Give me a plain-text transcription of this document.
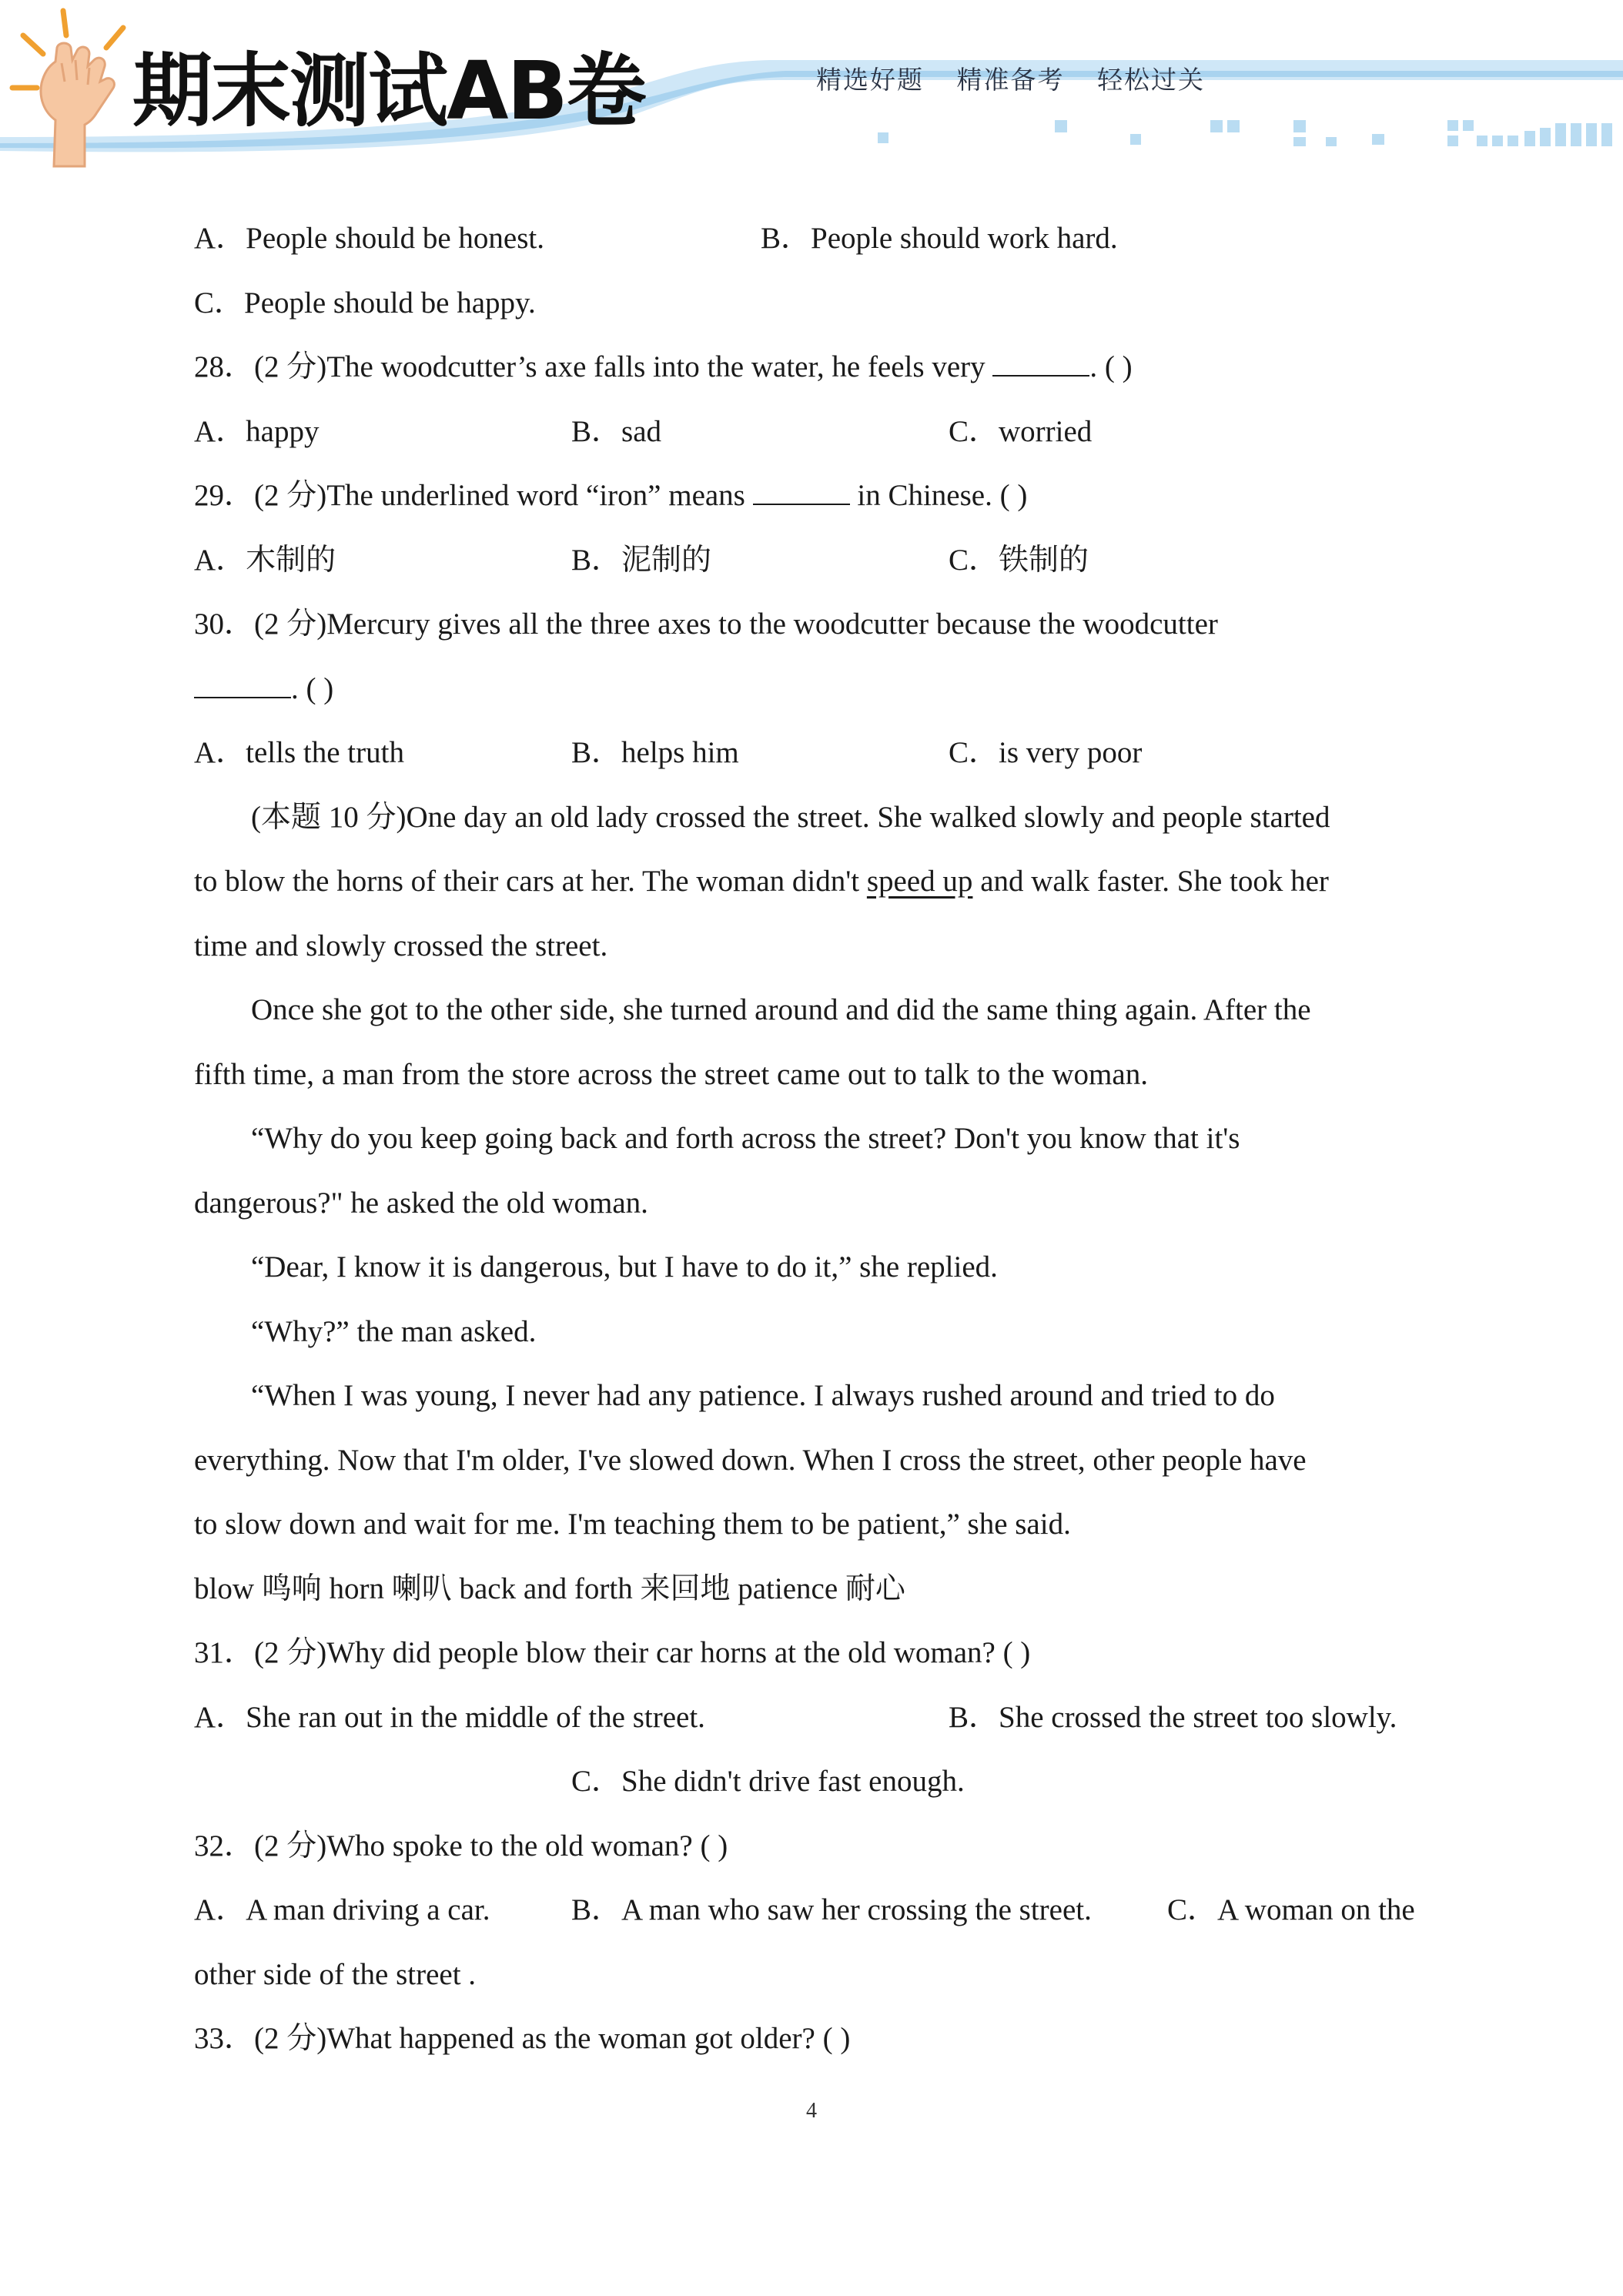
期末测试AB卷	精选好题 精准备考 轻松过关
A．People should be honest.	B．People should work hard.
C．People should be happy.
28．(2 分)The woodcutter’s axe falls into the water, he feels very	. ( )
A．happy	B．sad	C．worried
29．(2 分)The underlined word “iron” means	in Chinese. ( )
A．木制的	B．泥制的	C．铁制的
30．(2 分)Mercury gives all the three axes to the woodcutter because the woodcutter
. ( )
A．tells the truth	B．helps him	C．is very poor
(本题 10 分)One day an old lady crossed the street. She walked slowly and people started
to blow the horns of their cars at her. The woman didn't speed up and walk faster. She took her
time and slowly crossed the street.
Once she got to the other side, she turned around and did the same thing again. After the
fifth time, a man from the store across the street came out to talk to the woman.
“Why do you keep going back and forth across the street? Don't you know that it's
dangerous?" he asked the old woman.
“Dear, I know it is dangerous, but I have to do it,” she replied.
“Why?” the man asked.
“When I was young, I never had any patience. I always rushed around and tried to do
everything. Now that I'm older, I've slowed down. When I cross the street, other people have
to slow down and wait for me. I'm teaching them to be patient,” she said.
blow 鸣响 horn 喇叭 back and forth 来回地 patience 耐心
31．(2 分)Why did people blow their car horns at the old woman? ( )
A．She ran out in the middle of the street.	B．She crossed the street too slowly.
C．She didn't drive fast enough.
32．(2 分)Who spoke to the old woman? ( )
A．A man driving a car.	B．A man who saw her crossing the street.	C．A woman on the
other side of the street .
33．(2 分)What happened as the woman got older? ( )
4
